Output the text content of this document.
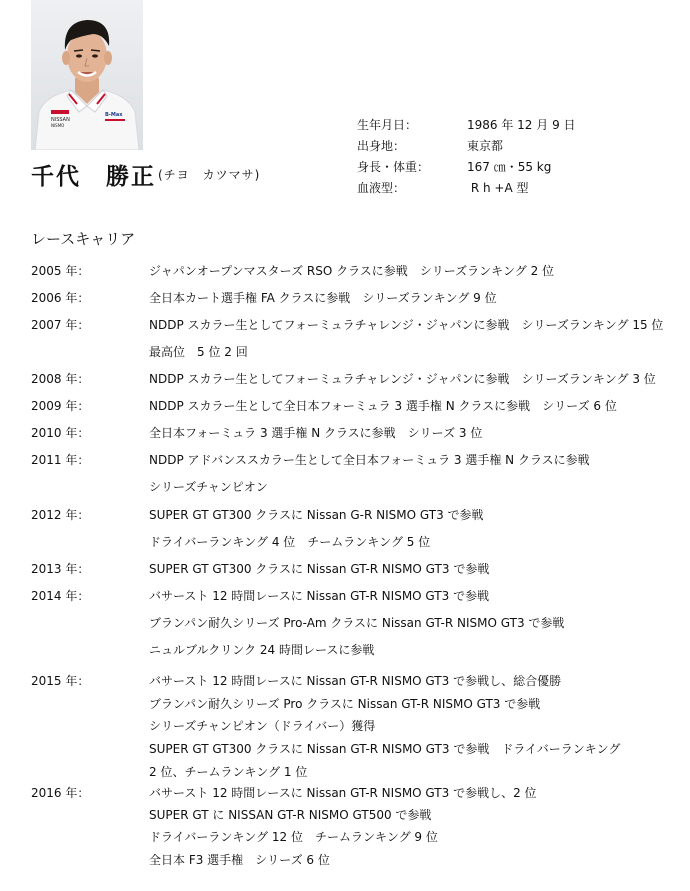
NISSAN
NISMO
B-Max
千代　勝正 (チヨ　カツマサ)

生年月日：

	1986 年 12 月 9 日

出身地：

	東京都

身長・体重：

	167 ㎝・55 kg

血液型：

	R h +A 型

レースキャリア
2005 年：	ジャパンオープンマスターズ RSO クラスに参戦　シリーズランキング 2 位
2006 年：	全日本カート選手権 FA クラスに参戦　シリーズランキング 9 位
2007 年：	NDDP スカラー生としてフォーミュラチャレンジ・ジャパンに参戦　シリーズランキング 15 位
最高位　5 位 2 回
2008 年：	NDDP スカラー生としてフォーミュラチャレンジ・ジャパンに参戦　シリーズランキング 3 位
2009 年：	NDDP スカラー生として全日本フォーミュラ 3 選手権 N クラスに参戦　シリーズ 6 位
2010 年：	全日本フォーミュラ 3 選手権 N クラスに参戦　シリーズ 3 位
2011 年：	NDDP アドバンススカラー生として全日本フォーミュラ 3 選手権 N クラスに参戦
シリーズチャンピオン
2012 年：	SUPER GT GT300 クラスに Nissan G-R NISMO GT3 で参戦
ドライバーランキング 4 位　チームランキング 5 位
2013 年：	SUPER GT GT300 クラスに Nissan GT-R NISMO GT3 で参戦
2014 年：	バサースト 12 時間レースに Nissan GT-R NISMO GT3 で参戦
ブランパン耐久シリーズ Pro-Am クラスに Nissan GT-R NISMO GT3 で参戦
ニュルブルクリンク 24 時間レースに参戦
2015 年：	バサースト 12 時間レースに Nissan GT-R NISMO GT3 で参戦し、総合優勝
ブランパン耐久シリーズ Pro クラスに Nissan GT-R NISMO GT3 で参戦
シリーズチャンピオン（ドライバー）獲得
SUPER GT GT300 クラスに Nissan GT-R NISMO GT3 で参戦　ドライバーランキング
2 位、チームランキング 1 位
2016 年：	バサースト 12 時間レースに Nissan GT-R NISMO GT3 で参戦し、2 位
SUPER GT に NISSAN GT-R NISMO GT500 で参戦
ドライバーランキング 12 位　チームランキング 9 位
全日本 F3 選手権　シリーズ 6 位
